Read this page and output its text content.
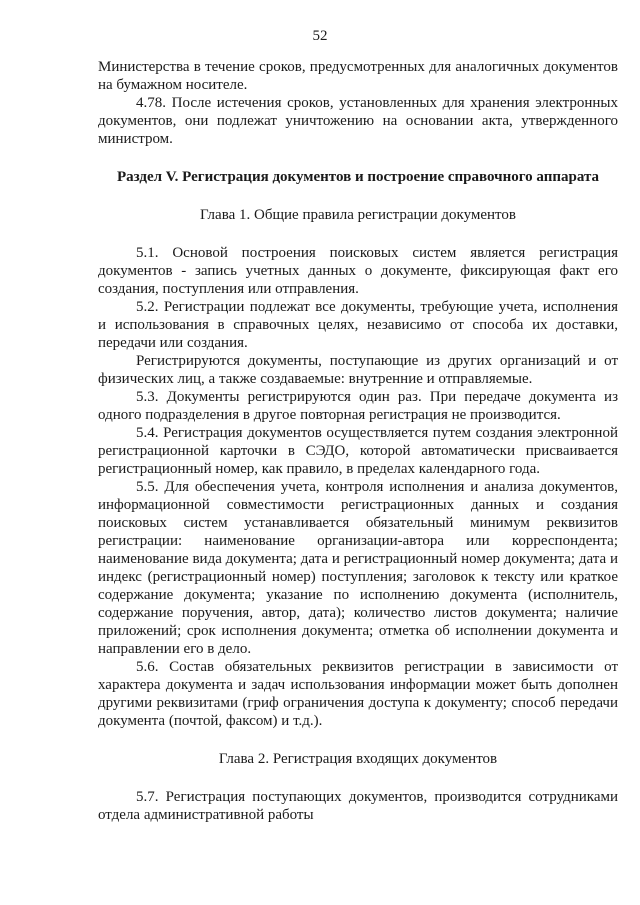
52

Министерства в течение сроков, предусмотренных для аналогичных документов на бумажном носителе.

4.78. После истечения сроков, установленных для хранения электронных документов, они подлежат уничтожению на основании акта, утвержденного министром.

Раздел V. Регистрация документов и построение справочного аппарата
Глава 1. Общие правила регистрации документов

5.1. Основой построения поисковых систем является регистрация документов - запись учетных данных о документе, фиксирующая факт его создания, поступления или отправления.

5.2. Регистрации подлежат все документы, требующие учета, исполнения и использования в справочных целях, независимо от способа их доставки, передачи или создания.

Регистрируются документы, поступающие из других организаций и от физических лиц, а также создаваемые: внутренние и отправляемые.

5.3. Документы регистрируются один раз. При передаче документа из одного подразделения в другое повторная регистрация не производится.

5.4. Регистрация документов осуществляется путем создания электронной регистрационной карточки в СЭДО, которой автоматически присваивается регистрационный номер, как правило, в пределах календарного года.

5.5. Для обеспечения учета, контроля исполнения и анализа документов, информационной совместимости регистрационных данных и создания поисковых систем устанавливается обязательный минимум реквизитов регистрации: наименование организации-автора или корреспондента; наименование вида документа; дата и регистрационный номер документа; дата и индекс (регистрационный номер) поступления; заголовок к тексту или краткое содержание документа; указание по исполнению документа (исполнитель, содержание поручения, автор, дата); количество листов документа; наличие приложений; срок исполнения документа; отметка об исполнении документа и направлении его в дело.

5.6. Состав обязательных реквизитов регистрации в зависимости от характера документа и задач использования информации может быть дополнен другими реквизитами (гриф ограничения доступа к документу; способ передачи документа (почтой, факсом) и т.д.).

Глава 2. Регистрация входящих документов

5.7. Регистрация поступающих документов, производится сотрудниками отдела административной работы
